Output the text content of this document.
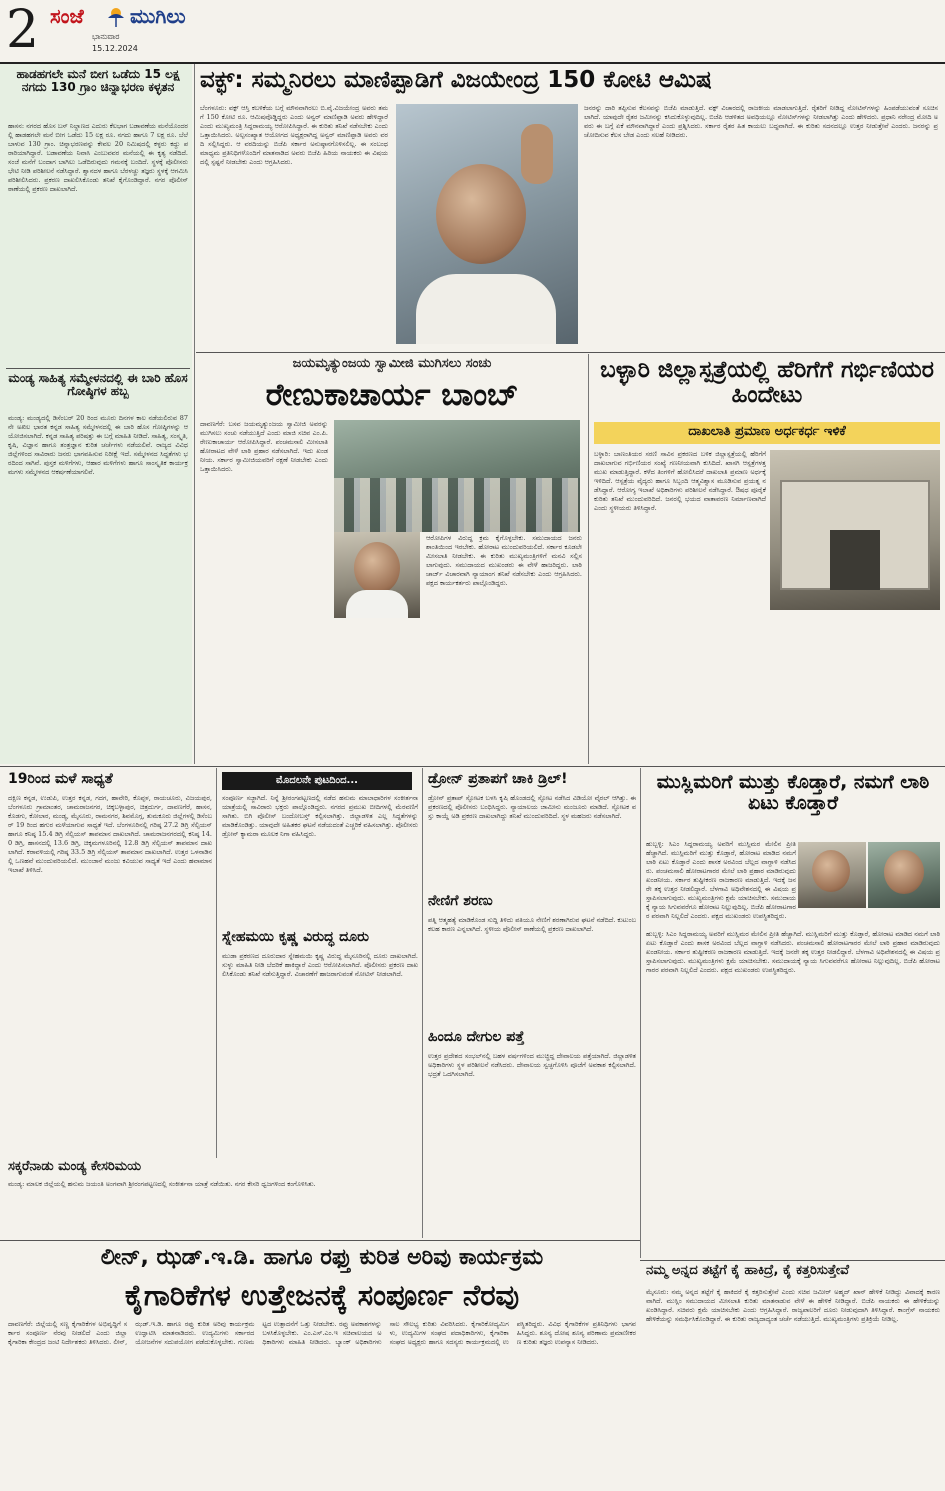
2 ಸಂಜೆ ಮುಗಿಲು
ಭಾನುವಾರ
15.12.2024
ಹಾಡಹಗಲೇ ಮನೆ ಬೀಗ ಒಡೆದು 15 ಲಕ್ಷ ನಗದು 130 ಗ್ರಾಂ ಚಿನ್ನಾಭರಣ ಕಳ್ಳತನ
ಹಾಸನ: ನಗರದ ಹೊಸ ಬಸ್ ನಿಲ್ದಾಣದ ಎದುರು ಕೆಲಭಾಗ ಬಡಾವಣೆಯ ಮನೆಯೊಂದರಲ್ಲಿ ಹಾಡಹಗಲೇ ಮನೆ ಬೀಗ ಒಡೆದು 15 ಲಕ್ಷ ರೂ. ನಗದು ಹಾಗೂ 7 ಲಕ್ಷ ರೂ. ಬೆಲೆ ಬಾಳುವ 130 ಗ್ರಾಂ. ಚಿನ್ನಾಭರಣವನ್ನು ಕೇವಲ 20 ನಿಮಿಷದಲ್ಲಿ ಕಳ್ಳರು ಕದ್ದು ಪರಾರಿಯಾಗಿದ್ದಾರೆ. ಬಡಾವಣೆಯ ನಿವಾಸಿ ಎಂಬುವವರ ಮನೆಯಲ್ಲಿ ಈ ಕೃತ್ಯ ನಡೆದಿದೆ. ಸಂಜೆ ಮನೆಗೆ ಬಂದಾಗ ಬಾಗಿಲು ಒಡೆದಿರುವುದು ಗಮನಕ್ಕೆ ಬಂದಿದೆ. ಸ್ಥಳಕ್ಕೆ ಪೊಲೀಸರು ಭೇಟಿ ನೀಡಿ ಪರಿಶೀಲನೆ ನಡೆಸಿದ್ದಾರೆ. ಶ್ವಾನದಳ ಹಾಗೂ ಬೆರಳಚ್ಚು ತಜ್ಞರು ಸ್ಥಳಕ್ಕೆ ಆಗಮಿಸಿ ಪರಿಶೀಲಿಸಿದರು. ಪ್ರಕರಣ ದಾಖಲಿಸಿಕೊಂಡು ತನಿಖೆ ಕೈಗೊಂಡಿದ್ದಾರೆ. ನಗರ ಪೊಲೀಸ್ ಠಾಣೆಯಲ್ಲಿ ಪ್ರಕರಣ ದಾಖಲಾಗಿದೆ.
ಮಂಡ್ಯ ಸಾಹಿತ್ಯ ಸಮ್ಮೇಳನದಲ್ಲಿ ಈ ಬಾರಿ ಹೊಸ ಗೋಷ್ಠಿಗಳ ಹಬ್ಬ
ಮಂಡ್ಯ: ಮಂಡ್ಯದಲ್ಲಿ ಡಿಸೆಂಬರ್ 20 ರಿಂದ ಮೂರು ದಿನಗಳ ಕಾಲ ನಡೆಯಲಿರುವ 87ನೇ ಅಖಿಲ ಭಾರತ ಕನ್ನಡ ಸಾಹಿತ್ಯ ಸಮ್ಮೇಳನದಲ್ಲಿ ಈ ಬಾರಿ ಹೊಸ ಗೋಷ್ಠಿಗಳನ್ನು ಆಯೋಜಿಸಲಾಗಿದೆ. ಕನ್ನಡ ಸಾಹಿತ್ಯ ಪರಿಷತ್ತು ಈ ಬಗ್ಗೆ ಮಾಹಿತಿ ನೀಡಿದೆ. ಸಾಹಿತ್ಯ, ಸಂಸ್ಕೃತಿ, ಕೃಷಿ, ವಿಜ್ಞಾನ ಹಾಗೂ ತಂತ್ರಜ್ಞಾನ ಕುರಿತ ಚರ್ಚೆಗಳು ನಡೆಯಲಿವೆ. ರಾಜ್ಯದ ವಿವಿಧ ಜಿಲ್ಲೆಗಳಿಂದ ಸಾವಿರಾರು ಜನರು ಭಾಗವಹಿಸುವ ನಿರೀಕ್ಷೆ ಇದೆ. ಸಮ್ಮೇಳನದ ಸಿದ್ಧತೆಗಳು ಭರದಿಂದ ಸಾಗಿವೆ. ಪುಸ್ತಕ ಮಳಿಗೆಗಳು, ಆಹಾರ ಮಳಿಗೆಗಳು ಹಾಗೂ ಸಾಂಸ್ಕೃತಿಕ ಕಾರ್ಯಕ್ರಮಗಳು ಸಮ್ಮೇಳನದ ಆಕರ್ಷಣೆಯಾಗಲಿವೆ.
ವಕ್ಫ್: ಸಮ್ಮನಿರಲು ಮಾಣಿಪ್ಪಾಡಿಗೆ ವಿಜಯೇಂದ್ರ 150 ಕೋಟಿ ಆಮಿಷ
ಬೆಂಗಳೂರು: ವಕ್ಫ್ ಆಸ್ತಿ ಕಬಳಿಕೆಯ ಬಗ್ಗೆ ಮೌನವಾಗಿರಲು ಬಿ.ವೈ.ವಿಜಯೇಂದ್ರ ಅವರು ತಮಗೆ 150 ಕೋಟಿ ರೂ. ಆಮಿಷವೊಡ್ಡಿದ್ದರು ಎಂದು ಅನ್ವರ್ ಮಾಣಿಪ್ಪಾಡಿ ಅವರು ಹೇಳಿದ್ದಾರೆ ಎಂದು ಮುಖ್ಯಮಂತ್ರಿ ಸಿದ್ದರಾಮಯ್ಯ ಆರೋಪಿಸಿದ್ದಾರೆ. ಈ ಕುರಿತು ತನಿಖೆ ನಡೆಸಬೇಕು ಎಂದು ಒತ್ತಾಯಿಸಿದರು. ಅಲ್ಪಸಂಖ್ಯಾತ ಆಯೋಗದ ಅಧ್ಯಕ್ಷರಾಗಿದ್ದ ಅನ್ವರ್ ಮಾಣಿಪ್ಪಾಡಿ ಅವರು ವರದಿ ಸಲ್ಲಿಸಿದ್ದರು. ಆ ವರದಿಯನ್ನು ಬಿಜೆಪಿ ಸರ್ಕಾರ ಅನುಷ್ಠಾನಗೊಳಿಸಲಿಲ್ಲ. ಈ ಸಂಬಂಧ ಮಾಧ್ಯಮ ಪ್ರತಿನಿಧಿಗಳೊಂದಿಗೆ ಮಾತನಾಡಿದ ಅವರು ಬಿಜೆಪಿ ಹಿರಿಯ ನಾಯಕರು ಈ ವಿಷಯದಲ್ಲಿ ಸ್ಪಷ್ಟನೆ ನೀಡಬೇಕು ಎಂದು ಆಗ್ರಹಿಸಿದರು.
ಜನರನ್ನು ದಾರಿ ತಪ್ಪಿಸುವ ಕೆಲಸವನ್ನು ಬಿಜೆಪಿ ಮಾಡುತ್ತಿದೆ. ವಕ್ಫ್ ವಿಚಾರದಲ್ಲಿ ರಾಜಕೀಯ ಮಾಡಲಾಗುತ್ತಿದೆ. ರೈತರಿಗೆ ನೀಡಿದ್ದ ನೋಟಿಸ್‌ಗಳನ್ನು ಹಿಂಪಡೆಯುವಂತೆ ಸೂಚಿಸಲಾಗಿದೆ. ಯಾವುದೇ ರೈತರ ಜಮೀನನ್ನು ಕಸಿದುಕೊಳ್ಳುವುದಿಲ್ಲ. ಬಿಜೆಪಿ ಆಡಳಿತದ ಅವಧಿಯಲ್ಲೂ ನೋಟಿಸ್‌ಗಳನ್ನು ನೀಡಲಾಗಿತ್ತು ಎಂದು ಹೇಳಿದರು. ಪ್ರಧಾನಿ ನರೇಂದ್ರ ಮೋದಿ ಅವರು ಈ ಬಗ್ಗೆ ಏಕೆ ಮೌನವಾಗಿದ್ದಾರೆ ಎಂದು ಪ್ರಶ್ನಿಸಿದರು. ಸರ್ಕಾರ ರೈತರ ಹಿತ ಕಾಯಲು ಬದ್ಧವಾಗಿದೆ. ಈ ಕುರಿತು ಸದನದಲ್ಲೂ ಉತ್ತರ ನೀಡುತ್ತೇವೆ ಎಂದರು. ಜನರನ್ನು ಪ್ರಚೋದಿಸುವ ಕೆಲಸ ಬೇಡ ಎಂದು ಸಲಹೆ ನೀಡಿದರು.
ಜಯಮೃತ್ಯುಂಜಯ ಸ್ವಾಮೀಜಿ ಮುಗಿಸಲು ಸಂಚು
ರೇಣುಕಾಚಾರ್ಯ ಬಾಂಬ್
ದಾವಣಗೆರೆ: ಬಸವ ಜಯಮೃತ್ಯುಂಜಯ ಸ್ವಾಮೀಜಿ ಅವರನ್ನು ಮುಗಿಸಲು ಸಂಚು ನಡೆಯುತ್ತಿದೆ ಎಂದು ಮಾಜಿ ಸಚಿವ ಎಂ.ಪಿ.ರೇಣುಕಾಚಾರ್ಯ ಆರೋಪಿಸಿದ್ದಾರೆ. ಪಂಚಮಸಾಲಿ ಮೀಸಲಾತಿ ಹೋರಾಟದ ವೇಳೆ ಲಾಠಿ ಪ್ರಹಾರ ನಡೆಸಲಾಗಿದೆ. ಇದು ಖಂಡನೀಯ. ಸರ್ಕಾರ ಸ್ವಾಮೀಜಿಯವರಿಗೆ ರಕ್ಷಣೆ ನೀಡಬೇಕು ಎಂದು ಒತ್ತಾಯಿಸಿದರು.
ಆರೋಪಿಗಳ ವಿರುದ್ಧ ಕ್ರಮ ಕೈಗೊಳ್ಳಬೇಕು. ಸಮುದಾಯದ ಜನರು ಶಾಂತಿಯಿಂದ ಇರಬೇಕು. ಹೋರಾಟ ಮುಂದುವರಿಯಲಿದೆ. ಸರ್ಕಾರ ಕೂಡಲೇ ಮೀಸಲಾತಿ ನೀಡಬೇಕು. ಈ ಕುರಿತು ಮುಖ್ಯಮಂತ್ರಿಗಳಿಗೆ ಮನವಿ ಸಲ್ಲಿಸಲಾಗುವುದು. ಸಮುದಾಯದ ಮುಖಂಡರು ಈ ವೇಳೆ ಹಾಜರಿದ್ದರು. ಲಾಠಿ ಚಾರ್ಜ್ ವಿಚಾರವಾಗಿ ನ್ಯಾಯಾಂಗ ತನಿಖೆ ನಡೆಸಬೇಕು ಎಂದು ಆಗ್ರಹಿಸಿದರು. ಪಕ್ಷದ ಕಾರ್ಯಕರ್ತರು ಪಾಲ್ಗೊಂಡಿದ್ದರು.
ಬಳ್ಳಾರಿ ಜಿಲ್ಲಾಸ್ಪತ್ರೆಯಲ್ಲಿ ಹೆರಿಗೆಗೆ ಗರ್ಭಿಣಿಯರ ಹಿಂದೇಟು
ದಾಖಲಾತಿ ಪ್ರಮಾಣ ಅರ್ಧಕರ್ಧ ಇಳಿಕೆ
ಬಳ್ಳಾರಿ: ಬಾಣಂತಿಯರ ಸರಣಿ ಸಾವಿನ ಪ್ರಕರಣದ ಬಳಿಕ ಜಿಲ್ಲಾಸ್ಪತ್ರೆಯಲ್ಲಿ ಹೆರಿಗೆಗೆ ದಾಖಲಾಗುವ ಗರ್ಭಿಣಿಯರ ಸಂಖ್ಯೆ ಗಣನೀಯವಾಗಿ ಕುಸಿದಿದೆ. ಖಾಸಗಿ ಆಸ್ಪತ್ರೆಗಳತ್ತ ಮುಖ ಮಾಡುತ್ತಿದ್ದಾರೆ. ಕಳೆದ ತಿಂಗಳಿಗೆ ಹೋಲಿಸಿದರೆ ದಾಖಲಾತಿ ಪ್ರಮಾಣ ಅರ್ಧಕ್ಕೆ ಇಳಿದಿದೆ. ಆಸ್ಪತ್ರೆಯ ವೈದ್ಯರು ಹಾಗೂ ಸಿಬ್ಬಂದಿ ಆತ್ಮವಿಶ್ವಾಸ ಮೂಡಿಸುವ ಪ್ರಯತ್ನ ನಡೆಸಿದ್ದಾರೆ. ಆರೋಗ್ಯ ಇಲಾಖೆ ಅಧಿಕಾರಿಗಳು ಪರಿಶೀಲನೆ ನಡೆಸಿದ್ದಾರೆ. ಔಷಧ ಪೂರೈಕೆ ಕುರಿತು ತನಿಖೆ ಮುಂದುವರಿದಿದೆ. ಜನರಲ್ಲಿ ಭಯದ ವಾತಾವರಣ ನಿರ್ಮಾಣವಾಗಿದೆ ಎಂದು ಸ್ಥಳೀಯರು ತಿಳಿಸಿದ್ದಾರೆ.
19ರಿಂದ ಮಳೆ ಸಾಧ್ಯತೆ
ದಕ್ಷಿಣ ಕನ್ನಡ, ಉಡುಪಿ, ಉತ್ತರ ಕನ್ನಡ, ಗದಗ, ಹಾವೇರಿ, ಕೊಪ್ಪಳ, ರಾಯಚೂರು, ವಿಜಯಪುರ, ಬೆಂಗಳೂರು ಗ್ರಾಮಾಂತರ, ಚಾಮರಾಜನಗರ, ಚಿಕ್ಕಬಳ್ಳಾಪುರ, ಚಿತ್ರದುರ್ಗ, ದಾವಣಗೆರೆ, ಹಾಸನ, ಕೊಡಗು, ಕೋಲಾರ, ಮಂಡ್ಯ, ಮೈಸೂರು, ರಾಮನಗರ, ಶಿವಮೊಗ್ಗ, ತುಮಕೂರು ಜಿಲ್ಲೆಗಳಲ್ಲಿ ಡಿಸೆಂಬರ್ 19 ರಿಂದ ಹಗುರ ಮಳೆಯಾಗುವ ಸಾಧ್ಯತೆ ಇದೆ. ಬೆಂಗಳೂರಿನಲ್ಲಿ ಗರಿಷ್ಠ 27.2 ಡಿಗ್ರಿ ಸೆಲ್ಸಿಯಸ್ ಹಾಗೂ ಕನಿಷ್ಠ 15.4 ಡಿಗ್ರಿ ಸೆಲ್ಸಿಯಸ್ ತಾಪಮಾನ ದಾಖಲಾಗಿದೆ. ಚಾಮರಾಜನಗರದಲ್ಲಿ ಕನಿಷ್ಠ 14.0 ಡಿಗ್ರಿ, ಹಾಸನದಲ್ಲಿ 13.6 ಡಿಗ್ರಿ, ಚಿಕ್ಕಮಗಳೂರಿನಲ್ಲಿ 12.8 ಡಿಗ್ರಿ ಸೆಲ್ಸಿಯಸ್ ತಾಪಮಾನ ದಾಖಲಾಗಿದೆ. ಕರಾವಳಿಯಲ್ಲಿ ಗರಿಷ್ಠ 33.5 ಡಿಗ್ರಿ ಸೆಲ್ಸಿಯಸ್ ತಾಪಮಾನ ದಾಖಲಾಗಿದೆ. ಉತ್ತರ ಒಳನಾಡಿನಲ್ಲಿ ಒಣಹವೆ ಮುಂದುವರಿಯಲಿದೆ. ಮುಂಜಾನೆ ಮಂಜು ಕವಿಯುವ ಸಾಧ್ಯತೆ ಇದೆ ಎಂದು ಹವಾಮಾನ ಇಲಾಖೆ ತಿಳಿಸಿದೆ.
ಸಕ್ಕರೆನಾಡು ಮಂಡ್ಯ ಕೇಸರಿಮಯ
ಮಂಡ್ಯ: ಮಾಲಕ ಜಿಲ್ಲೆಯಲ್ಲಿ ಹನುಮ ಜಯಂತಿ ಅಂಗವಾಗಿ ಶ್ರೀರಂಗಪಟ್ಟಣದಲ್ಲಿ ಸಂಕೀರ್ತನಾ ಯಾತ್ರೆ ನಡೆಯಿತು. ನಗರ ಕೇಸರಿ ಧ್ವಜಗಳಿಂದ ಕಂಗೊಳಿಸಿತು.
ಮೊದಲನೇ ಪುಟದಿಂದ...
ಸಂಪೂರ್ಣ ಸಜ್ಜಾಗಿದೆ. ನಿನ್ನೆ ಶ್ರೀರಂಗಪಟ್ಟಣದಲ್ಲಿ ನಡೆದ ಹನುಮ ಮಾಲಾಧಾರಿಗಳ ಸಂಕೀರ್ತನಾ ಯಾತ್ರೆಯಲ್ಲಿ ಸಾವಿರಾರು ಭಕ್ತರು ಪಾಲ್ಗೊಂಡಿದ್ದರು. ನಗರದ ಪ್ರಮುಖ ಬೀದಿಗಳಲ್ಲಿ ಮೆರವಣಿಗೆ ಸಾಗಿತು. ಬಿಗಿ ಪೊಲೀಸ್ ಬಂದೋಬಸ್ತ್ ಕಲ್ಪಿಸಲಾಗಿತ್ತು. ಜಿಲ್ಲಾಡಳಿತ ಎಲ್ಲ ಸಿದ್ಧತೆಗಳನ್ನು ಮಾಡಿಕೊಂಡಿತ್ತು. ಯಾವುದೇ ಅಹಿತಕರ ಘಟನೆ ನಡೆಯದಂತೆ ಎಚ್ಚರಿಕೆ ವಹಿಸಲಾಗಿತ್ತು. ಪೊಲೀಸರು ಡ್ರೋನ್ ಕ್ಯಾಮರಾ ಮೂಲಕ ನಿಗಾ ವಹಿಸಿದ್ದರು.
ಸ್ನೇಹಮಯಿ ಕೃಷ್ಣ ವಿರುದ್ಧ ದೂರು
ಮುಡಾ ಪ್ರಕರಣದ ದೂರುದಾರ ಸ್ನೇಹಮಯಿ ಕೃಷ್ಣ ವಿರುದ್ಧ ಮೈಸೂರಿನಲ್ಲಿ ದೂರು ದಾಖಲಾಗಿದೆ. ಸುಳ್ಳು ಮಾಹಿತಿ ನೀಡಿ ಬೆದರಿಕೆ ಹಾಕಿದ್ದಾರೆ ಎಂದು ಆರೋಪಿಸಲಾಗಿದೆ. ಪೊಲೀಸರು ಪ್ರಕರಣ ದಾಖಲಿಸಿಕೊಂಡು ತನಿಖೆ ನಡೆಸುತ್ತಿದ್ದಾರೆ. ವಿಚಾರಣೆಗೆ ಹಾಜರಾಗುವಂತೆ ನೋಟಿಸ್ ನೀಡಲಾಗಿದೆ.
ಡ್ರೋನ್ ಪ್ರತಾಪಗೆ ಚಾಕಿ ಡ್ರಿಲ್!
ಡ್ರೋನ್ ಪ್ರತಾಪ್ ಸ್ಫೋಟಕ ಬಳಸಿ ಕೃಷಿ ಹೊಂಡದಲ್ಲಿ ಸ್ಫೋಟ ನಡೆಸಿದ ವಿಡಿಯೋ ವೈರಲ್ ಆಗಿತ್ತು. ಈ ಪ್ರಕರಣದಲ್ಲಿ ಪೊಲೀಸರು ಬಂಧಿಸಿದ್ದರು. ನ್ಯಾಯಾಲಯ ಜಾಮೀನು ಮಂಜೂರು ಮಾಡಿದೆ. ಸ್ಫೋಟಕ ವಸ್ತು ಕಾಯ್ದೆ ಅಡಿ ಪ್ರಕರಣ ದಾಖಲಾಗಿದ್ದು ತನಿಖೆ ಮುಂದುವರಿದಿದೆ. ಸ್ಥಳ ಮಹಜರು ನಡೆಸಲಾಗಿದೆ.
ನೇಣಿಗೆ ಶರಣು
ಪತ್ನಿ ಆತ್ಮಹತ್ಯೆ ಮಾಡಿಕೊಂಡ ಸುದ್ದಿ ತಿಳಿದು ಪತಿಯೂ ನೇಣಿಗೆ ಶರಣಾಗಿರುವ ಘಟನೆ ನಡೆದಿದೆ. ಕುಟುಂಬ ಕಲಹ ಕಾರಣ ಎನ್ನಲಾಗಿದೆ. ಸ್ಥಳೀಯ ಪೊಲೀಸ್ ಠಾಣೆಯಲ್ಲಿ ಪ್ರಕರಣ ದಾಖಲಾಗಿದೆ.
ಹಿಂದೂ ದೇಗುಲ ಪತ್ತೆ
ಉತ್ತರ ಪ್ರದೇಶದ ಸಂಭಲ್‌ನಲ್ಲಿ ಬಹಳ ವರ್ಷಗಳಿಂದ ಮುಚ್ಚಿದ್ದ ದೇವಾಲಯ ಪತ್ತೆಯಾಗಿದೆ. ಜಿಲ್ಲಾಡಳಿತ ಅಧಿಕಾರಿಗಳು ಸ್ಥಳ ಪರಿಶೀಲನೆ ನಡೆಸಿದರು. ದೇವಾಲಯ ಸ್ವಚ್ಛಗೊಳಿಸಿ ಪೂಜೆಗೆ ಅವಕಾಶ ಕಲ್ಪಿಸಲಾಗಿದೆ. ಭದ್ರತೆ ಒದಗಿಸಲಾಗಿದೆ.
ಮುಸ್ಲಿಮರಿಗೆ ಮುತ್ತು ಕೊಡ್ತಾರೆ, ನಮಗೆ ಲಾಠಿ ಏಟು ಕೊಡ್ತಾರೆ
ಹುಬ್ಬಳ್ಳಿ: ಸಿಎಂ ಸಿದ್ದರಾಮಯ್ಯ ಅವರಿಗೆ ಮುಸ್ಲಿಮರ ಮೇಲಿನ ಪ್ರೀತಿ ಹೆಚ್ಚಾಗಿದೆ. ಮುಸ್ಲಿಮರಿಗೆ ಮುತ್ತು ಕೊಡ್ತಾರೆ, ಹೋರಾಟ ಮಾಡಿದ ನಮಗೆ ಲಾಠಿ ಏಟು ಕೊಡ್ತಾರೆ ಎಂದು ಶಾಸಕ ಅರವಿಂದ ಬೆಲ್ಲದ ವಾಗ್ದಾಳಿ ನಡೆಸಿದರು. ಪಂಚಮಸಾಲಿ ಹೋರಾಟಗಾರರ ಮೇಲೆ ಲಾಠಿ ಪ್ರಹಾರ ಮಾಡಿರುವುದು ಖಂಡನೀಯ. ಸರ್ಕಾರ ತುಷ್ಟೀಕರಣ ರಾಜಕಾರಣ ಮಾಡುತ್ತಿದೆ. ಇದಕ್ಕೆ ಜನರೇ ತಕ್ಕ ಉತ್ತರ ನೀಡಲಿದ್ದಾರೆ. ಬೆಳಗಾವಿ ಅಧಿವೇಶನದಲ್ಲಿ ಈ ವಿಷಯ ಪ್ರಸ್ತಾಪಿಸಲಾಗುವುದು. ಮುಖ್ಯಮಂತ್ರಿಗಳು ಕ್ಷಮೆ ಯಾಚಿಸಬೇಕು. ಸಮುದಾಯಕ್ಕೆ ನ್ಯಾಯ ಸಿಗುವವರೆಗೂ ಹೋರಾಟ ನಿಲ್ಲುವುದಿಲ್ಲ. ಬಿಜೆಪಿ ಹೋರಾಟಗಾರರ ಪರವಾಗಿ ನಿಲ್ಲಲಿದೆ ಎಂದರು. ಪಕ್ಷದ ಮುಖಂಡರು ಉಪಸ್ಥಿತರಿದ್ದರು.
ಹುಬ್ಬಳ್ಳಿ: ಸಿಎಂ ಸಿದ್ದರಾಮಯ್ಯ ಅವರಿಗೆ ಮುಸ್ಲಿಮರ ಮೇಲಿನ ಪ್ರೀತಿ ಹೆಚ್ಚಾಗಿದೆ. ಮುಸ್ಲಿಮರಿಗೆ ಮುತ್ತು ಕೊಡ್ತಾರೆ, ಹೋರಾಟ ಮಾಡಿದ ನಮಗೆ ಲಾಠಿ ಏಟು ಕೊಡ್ತಾರೆ ಎಂದು ಶಾಸಕ ಅರವಿಂದ ಬೆಲ್ಲದ ವಾಗ್ದಾಳಿ ನಡೆಸಿದರು. ಪಂಚಮಸಾಲಿ ಹೋರಾಟಗಾರರ ಮೇಲೆ ಲಾಠಿ ಪ್ರಹಾರ ಮಾಡಿರುವುದು ಖಂಡನೀಯ. ಸರ್ಕಾರ ತುಷ್ಟೀಕರಣ ರಾಜಕಾರಣ ಮಾಡುತ್ತಿದೆ. ಇದಕ್ಕೆ ಜನರೇ ತಕ್ಕ ಉತ್ತರ ನೀಡಲಿದ್ದಾರೆ. ಬೆಳಗಾವಿ ಅಧಿವೇಶನದಲ್ಲಿ ಈ ವಿಷಯ ಪ್ರಸ್ತಾಪಿಸಲಾಗುವುದು. ಮುಖ್ಯಮಂತ್ರಿಗಳು ಕ್ಷಮೆ ಯಾಚಿಸಬೇಕು. ಸಮುದಾಯಕ್ಕೆ ನ್ಯಾಯ ಸಿಗುವವರೆಗೂ ಹೋರಾಟ ನಿಲ್ಲುವುದಿಲ್ಲ. ಬಿಜೆಪಿ ಹೋರಾಟಗಾರರ ಪರವಾಗಿ ನಿಲ್ಲಲಿದೆ ಎಂದರು. ಪಕ್ಷದ ಮುಖಂಡರು ಉಪಸ್ಥಿತರಿದ್ದರು.
ಲೀನ್, ಝಡ್.ಇ.ಡಿ. ಹಾಗೂ ರಫ್ತು ಕುರಿತ ಅರಿವು ಕಾರ್ಯಕ್ರಮ
ಕೈಗಾರಿಕೆಗಳ ಉತ್ತೇಜನಕ್ಕೆ ಸಂಪೂರ್ಣ ನೆರವು
ದಾವಣಗೆರೆ: ಜಿಲ್ಲೆಯಲ್ಲಿ ಸಣ್ಣ ಕೈಗಾರಿಕೆಗಳ ಅಭಿವೃದ್ಧಿಗೆ ಸರ್ಕಾರ ಸಂಪೂರ್ಣ ನೆರವು ನೀಡಲಿದೆ ಎಂದು ಜಿಲ್ಲಾ ಕೈಗಾರಿಕಾ ಕೇಂದ್ರದ ಜಂಟಿ ನಿರ್ದೇಶಕರು ತಿಳಿಸಿದರು. ಲೀನ್, ಝಡ್.ಇ.ಡಿ. ಹಾಗೂ ರಫ್ತು ಕುರಿತ ಅರಿವು ಕಾರ್ಯಕ್ರಮ ಉದ್ಘಾಟಿಸಿ ಮಾತನಾಡಿದರು. ಉದ್ಯಮಿಗಳು ಸರ್ಕಾರದ ಯೋಜನೆಗಳ ಸದುಪಯೋಗ ಪಡೆದುಕೊಳ್ಳಬೇಕು. ಗುಣಮಟ್ಟದ ಉತ್ಪಾದನೆಗೆ ಒತ್ತು ನೀಡಬೇಕು. ರಫ್ತು ಅವಕಾಶಗಳನ್ನು ಬಳಸಿಕೊಳ್ಳಬೇಕು. ಎಂ.ಎಸ್.ಎಂ.ಇ ಸಚಿವಾಲಯದ ಅಧಿಕಾರಿಗಳು ಮಾಹಿತಿ ನೀಡಿದರು. ಬ್ಯಾಂಕ್ ಅಧಿಕಾರಿಗಳು ಸಾಲ ಸೌಲಭ್ಯ ಕುರಿತು ವಿವರಿಸಿದರು. ಕೈಗಾರಿಕೋದ್ಯಮಿಗಳು, ಉದ್ಯಮಿಗಳ ಸಂಘದ ಪದಾಧಿಕಾರಿಗಳು, ಕೈಗಾರಿಕಾ ಸಂಘದ ಅಧ್ಯಕ್ಷರು ಹಾಗೂ ಸದಸ್ಯರು ಕಾರ್ಯಕ್ರಮದಲ್ಲಿ ಉಪಸ್ಥಿತರಿದ್ದರು. ವಿವಿಧ ಕೈಗಾರಿಕೆಗಳ ಪ್ರತಿನಿಧಿಗಳು ಭಾಗವಹಿಸಿದ್ದರು. ಶೂನ್ಯ ದೋಷ ಶೂನ್ಯ ಪರಿಣಾಮ ಪ್ರಮಾಣೀಕರಣ ಕುರಿತು ತಜ್ಞರು ಉಪನ್ಯಾಸ ನೀಡಿದರು.
ನಮ್ಮ ಅನ್ನದ ತಟ್ಟೆಗೆ ಕೈ ಹಾಕಿದ್ರೆ, ಕೈ ಕತ್ತರಿಸುತ್ತೇವೆ
ಮೈಸೂರು: ನಮ್ಮ ಅನ್ನದ ತಟ್ಟೆಗೆ ಕೈ ಹಾಕಿದರೆ ಕೈ ಕತ್ತರಿಸುತ್ತೇವೆ ಎಂದು ಸಚಿವ ಜಮೀರ್ ಅಹ್ಮದ್ ಖಾನ್ ಹೇಳಿಕೆ ನೀಡಿದ್ದು ವಿವಾದಕ್ಕೆ ಕಾರಣವಾಗಿದೆ. ಮುಸ್ಲಿಂ ಸಮುದಾಯದ ಮೀಸಲಾತಿ ಕುರಿತು ಮಾತನಾಡುವ ವೇಳೆ ಈ ಹೇಳಿಕೆ ನೀಡಿದ್ದಾರೆ. ಬಿಜೆಪಿ ನಾಯಕರು ಈ ಹೇಳಿಕೆಯನ್ನು ಖಂಡಿಸಿದ್ದಾರೆ. ಸಚಿವರು ಕ್ಷಮೆ ಯಾಚಿಸಬೇಕು ಎಂದು ಆಗ್ರಹಿಸಿದ್ದಾರೆ. ರಾಜ್ಯಪಾಲರಿಗೆ ದೂರು ನೀಡುವುದಾಗಿ ತಿಳಿಸಿದ್ದಾರೆ. ಕಾಂಗ್ರೆಸ್ ನಾಯಕರು ಹೇಳಿಕೆಯನ್ನು ಸಮರ್ಥಿಸಿಕೊಂಡಿದ್ದಾರೆ. ಈ ಕುರಿತು ರಾಜ್ಯದಾದ್ಯಂತ ಚರ್ಚೆ ನಡೆಯುತ್ತಿದೆ. ಮುಖ್ಯಮಂತ್ರಿಗಳು ಪ್ರತಿಕ್ರಿಯೆ ನೀಡಿಲ್ಲ.
